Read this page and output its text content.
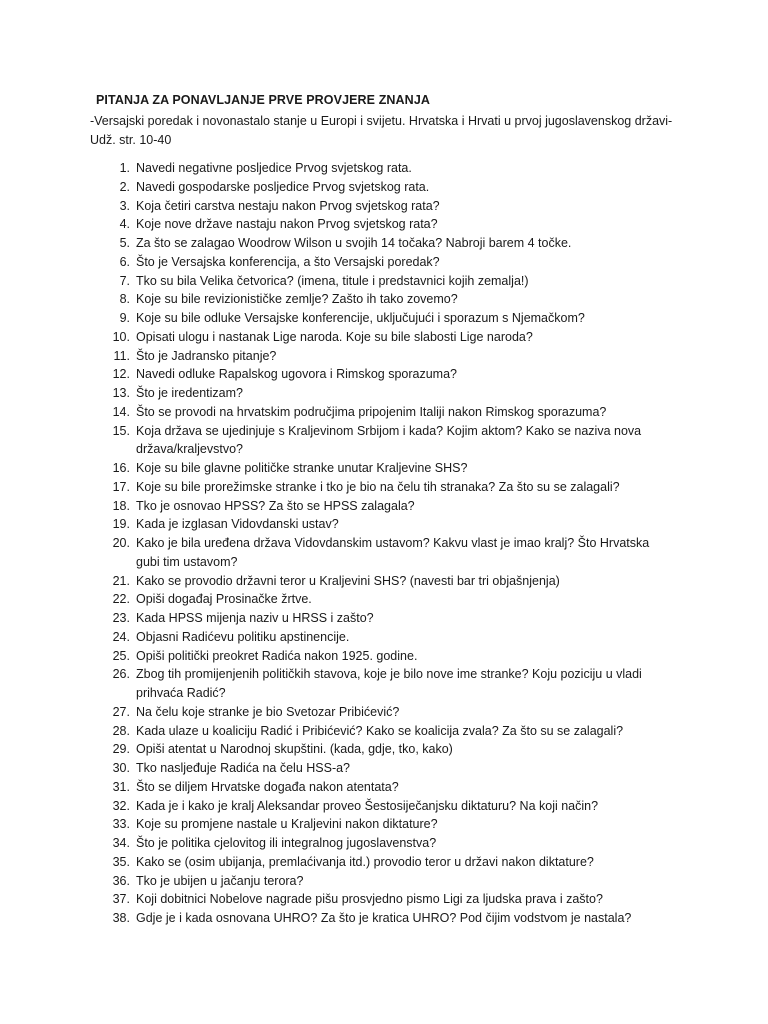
PITANJA ZA PONAVLJANJE PRVE PROVJERE ZNANJA
-Versajski poredak i novonastalo stanje u Europi i svijetu. Hrvatska i Hrvati u prvoj jugoslavenskog državi- Udž. str. 10-40
1. Navedi negativne posljedice Prvog svjetskog rata.
2. Navedi gospodarske posljedice Prvog svjetskog rata.
3. Koja četiri carstva nestaju nakon Prvog svjetskog rata?
4. Koje nove države nastaju nakon Prvog svjetskog rata?
5. Za što se zalagao Woodrow Wilson u svojih 14 točaka? Nabroji barem 4 točke.
6. Što je Versajska konferencija, a što Versajski poredak?
7. Tko su bila Velika četvorica? (imena, titule i predstavnici kojih zemalja!)
8. Koje su bile revizionističke zemlje? Zašto ih tako zovemo?
9. Koje su bile odluke Versajske konferencije, uključujući i sporazum s Njemačkom?
10. Opisati ulogu i nastanak Lige naroda. Koje su bile slabosti Lige naroda?
11. Što je Jadransko pitanje?
12. Navedi odluke Rapalskog ugovora i Rimskog sporazuma?
13. Što je iredentizam?
14. Što se provodi na hrvatskim područjima pripojenim Italiji nakon Rimskog sporazuma?
15. Koja država se ujedinjuje s Kraljevinom Srbijom i kada? Kojim aktom? Kako se naziva nova država/kraljevstvo?
16. Koje su bile glavne političke stranke unutar Kraljevine SHS?
17. Koje su bile prorežimske stranke i tko je bio na čelu tih stranaka? Za što su se zalagali?
18. Tko je osnovao HPSS? Za što se HPSS zalagala?
19. Kada je izglasan Vidovdanski ustav?
20. Kako je bila uređena država Vidovdanskim ustavom? Kakvu vlast je imao kralj? Što Hrvatska gubi tim ustavom?
21. Kako se provodio državni teror u Kraljevini SHS? (navesti bar tri objašnjenja)
22. Opiši događaj Prosinačke žrtve.
23. Kada HPSS mijenja naziv u HRSS i zašto?
24. Objasni Radićevu politiku apstinencije.
25. Opiši politički preokret Radića nakon 1925. godine.
26. Zbog tih promijenjenih političkih stavova, koje je bilo nove ime stranke? Koju poziciju u vladi prihvaća Radić?
27. Na čelu koje stranke je bio Svetozar Pribićević?
28. Kada ulaze u koaliciju Radić i Pribićević? Kako se koalicija zvala? Za što su se zalagali?
29. Opiši atentat u Narodnoj skupštini. (kada, gdje, tko, kako)
30. Tko nasljeđuje Radića na čelu HSS-a?
31. Što se diljem Hrvatske događa nakon atentata?
32. Kada je i kako je kralj Aleksandar proveo Šestosiječanjsku diktaturu? Na koji način?
33. Koje su promjene nastale u Kraljevini nakon diktature?
34. Što je politika cjelovitog ili integralnog jugoslavenstva?
35. Kako se (osim ubijanja, premlaćivanja itd.) provodio teror u državi nakon diktature?
36. Tko je ubijen u jačanju terora?
37. Koji dobitnici Nobelove nagrade pišu prosvjedno pismo Ligi za ljudska prava i zašto?
38. Gdje je i kada osnovana UHRO? Za što je kratica UHRO? Pod čijim vodstvom je nastala?
